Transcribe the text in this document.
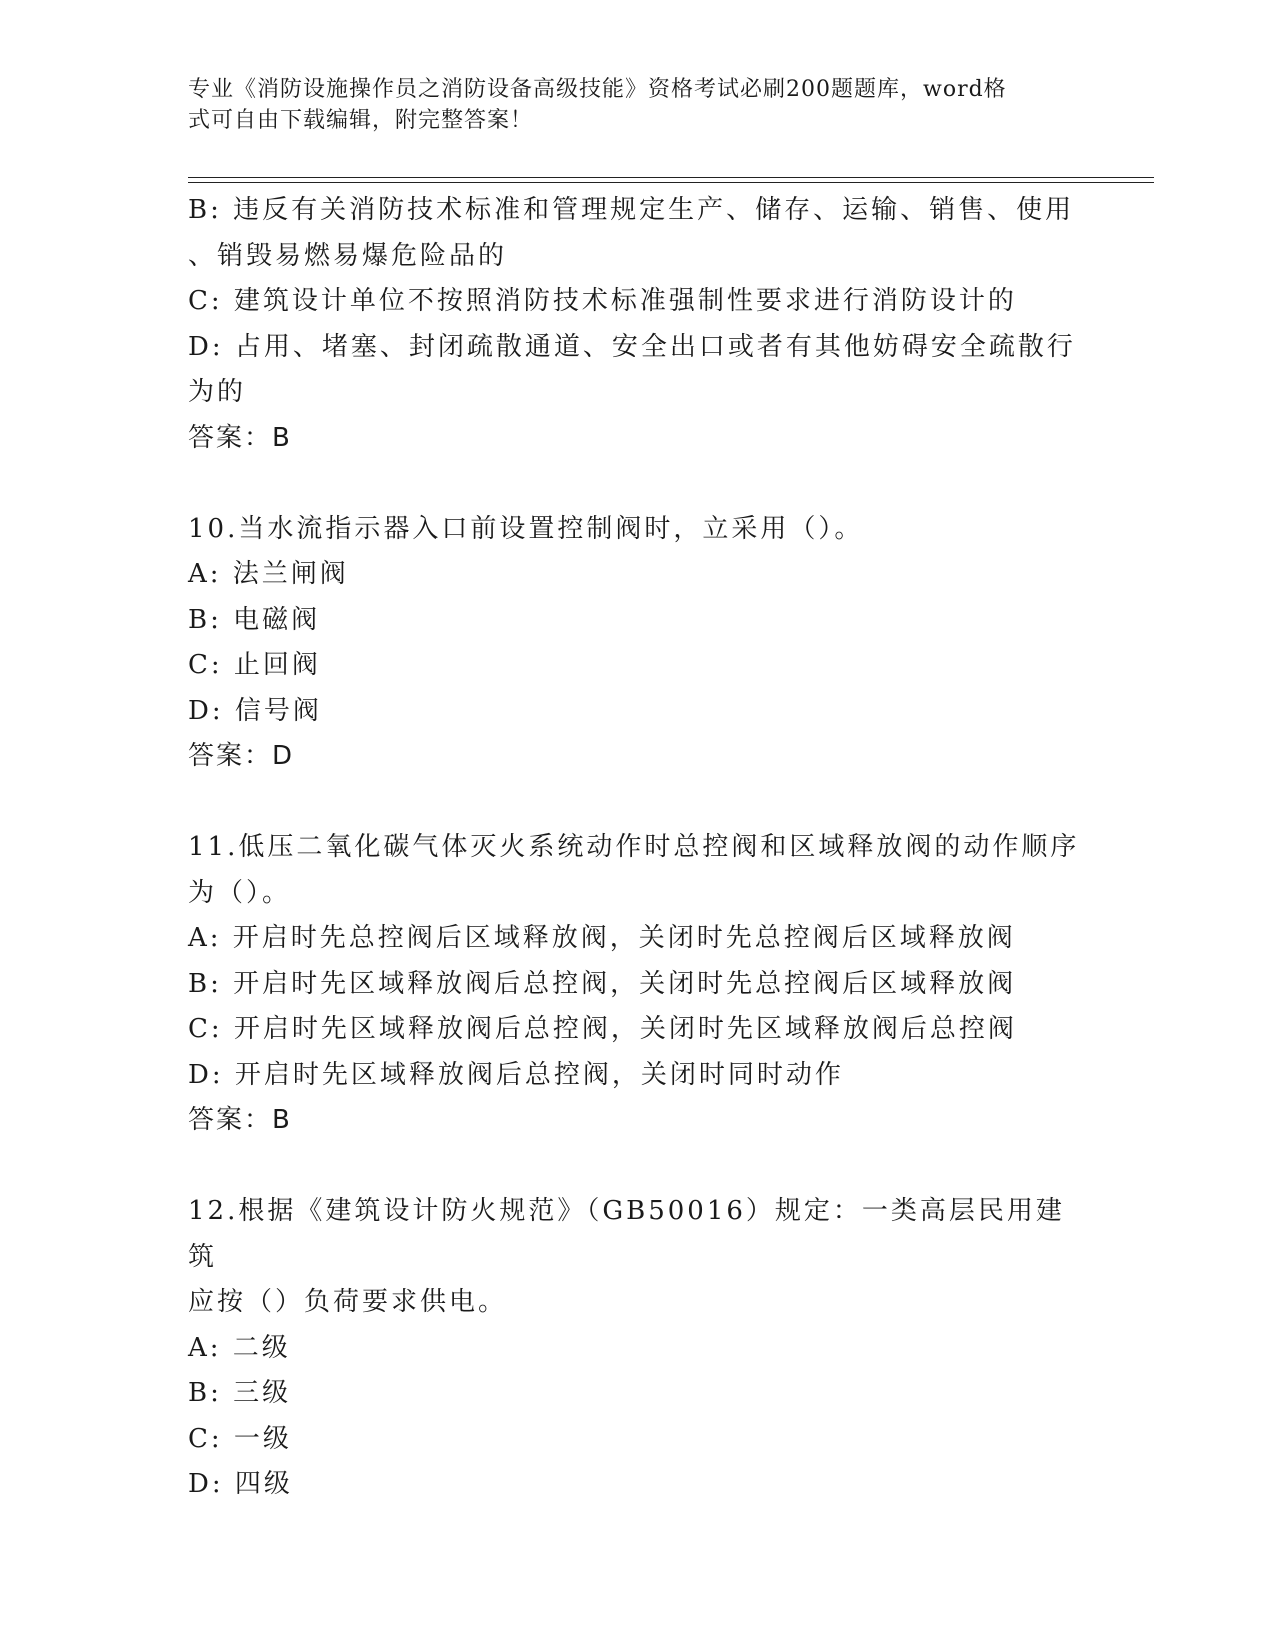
专业《消防设施操作员之消防设备高级技能》资格考试必刷200题题库，word格
式可自由下载编辑，附完整答案！
B: 违反有关消防技术标准和管理规定生产、储存、运输、销售、使用
、销毁易燃易爆危险品的
C: 建筑设计单位不按照消防技术标准强制性要求进行消防设计的
D: 占用、堵塞、封闭疏散通道、安全出口或者有其他妨碍安全疏散行
为的
答案：B
10.当水流指示器入口前设置控制阀时，立采用（）。
A: 法兰闸阀
B: 电磁阀
C: 止回阀
D: 信号阀
答案：D
11.低压二氧化碳气体灭火系统动作时总控阀和区域释放阀的动作顺序
为（）。
A: 开启时先总控阀后区域释放阀，关闭时先总控阀后区域释放阀
B: 开启时先区域释放阀后总控阀，关闭时先总控阀后区域释放阀
C: 开启时先区域释放阀后总控阀，关闭时先区域释放阀后总控阀
D: 开启时先区域释放阀后总控阀，关闭时同时动作
答案：B
12.根据《建筑设计防火规范》（GB50016）规定：一类高层民用建筑
应按（）负荷要求供电。
A: 二级
B: 三级
C: 一级
D: 四级
